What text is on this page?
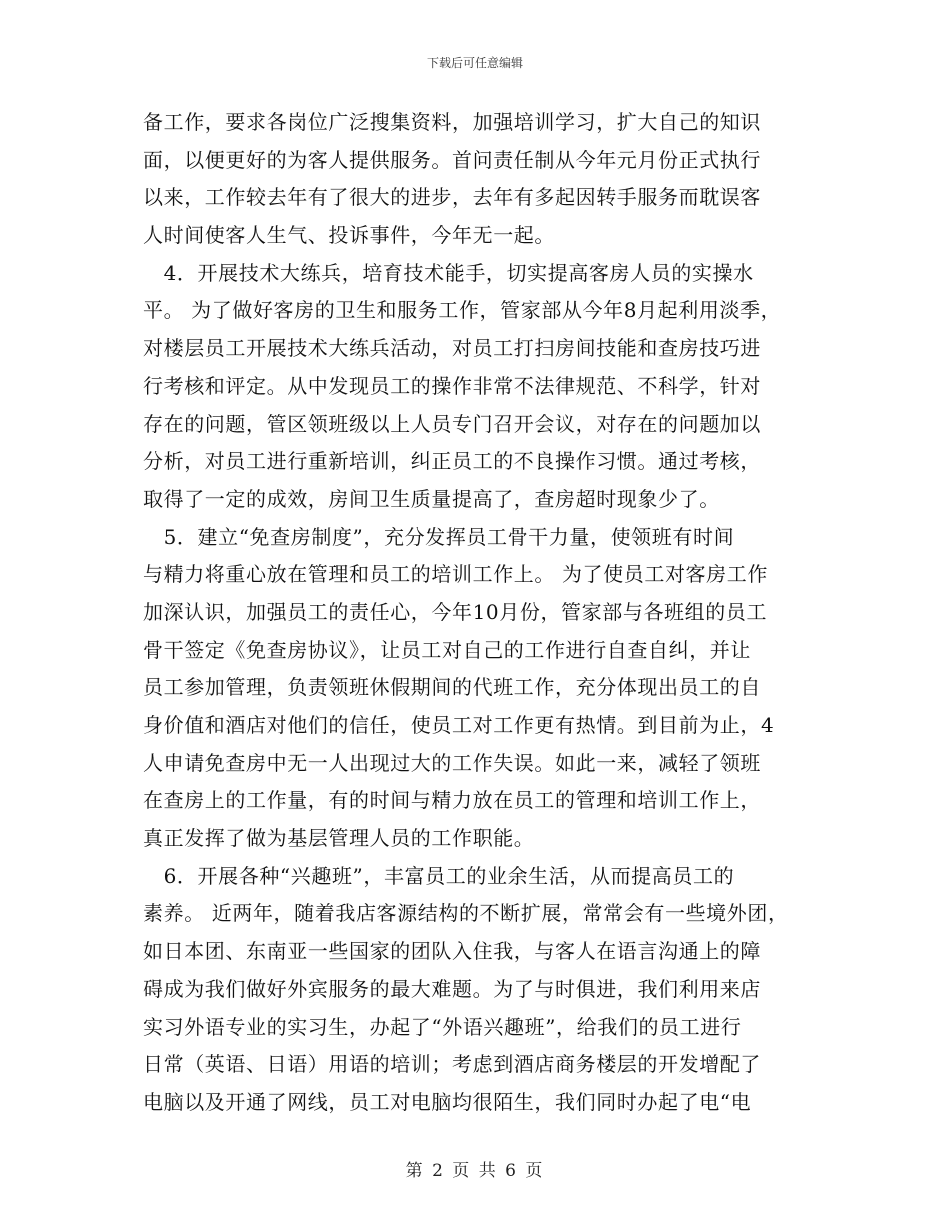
下载后可任意编辑
备工作，要求各岗位广泛搜集资料，加强培训学习，扩大自己的知识
面，以便更好的为客人提供服务。首问责任制从今年元月份正式执行
以来，工作较去年有了很大的进步，去年有多起因转手服务而耽误客
人时间使客人生气、投诉事件，今年无一起。
　4．开展技术大练兵，培育技术能手，切实提高客房人员的实操水
平。 为了做好客房的卫生和服务工作，管家部从今年8月起利用淡季，
对楼层员工开展技术大练兵活动，对员工打扫房间技能和查房技巧进
行考核和评定。从中发现员工的操作非常不法律规范、不科学，针对
存在的问题，管区领班级以上人员专门召开会议，对存在的问题加以
分析，对员工进行重新培训，纠正员工的不良操作习惯。通过考核，
取得了一定的成效，房间卫生质量提高了，查房超时现象少了。
　5．建立“免查房制度”，充分发挥员工骨干力量，使领班有时间
与精力将重心放在管理和员工的培训工作上。 为了使员工对客房工作
加深认识，加强员工的责任心，今年10月份，管家部与各班组的员工
骨干签定《免查房协议》，让员工对自己的工作进行自查自纠，并让
员工参加管理，负责领班休假期间的代班工作，充分体现出员工的自
身价值和酒店对他们的信任，使员工对工作更有热情。到目前为止，4
人申请免查房中无一人出现过大的工作失误。如此一来，减轻了领班
在查房上的工作量，有的时间与精力放在员工的管理和培训工作上，
真正发挥了做为基层管理人员的工作职能。
　6．开展各种“兴趣班”，丰富员工的业余生活，从而提高员工的
素养。 近两年，随着我店客源结构的不断扩展，常常会有一些境外团，
如日本团、东南亚一些国家的团队入住我，与客人在语言沟通上的障
碍成为我们做好外宾服务的最大难题。为了与时俱进，我们利用来店
实习外语专业的实习生，办起了“外语兴趣班”，给我们的员工进行
日常（英语、日语）用语的培训；考虑到酒店商务楼层的开发增配了
电脑以及开通了网线，员工对电脑均很陌生，我们同时办起了电“电
第 2 页 共 6 页
